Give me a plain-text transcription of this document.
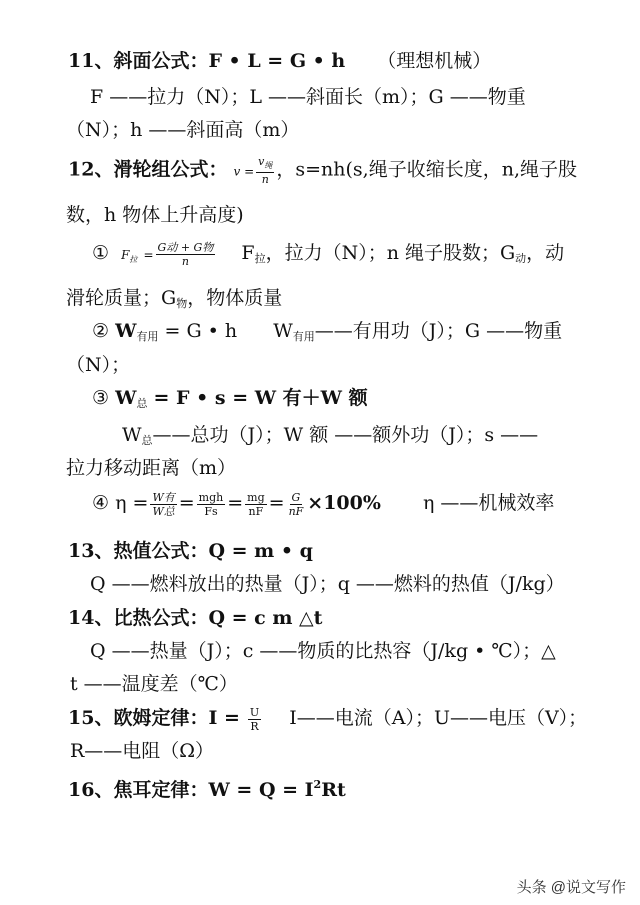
11、斜面公式：F • L = G • h （理想机械）
F ——拉力（N）；L ——斜面长（m）；G ——物重
（N）；h ——斜面高（m）
12、滑轮组公式： $v = \frac{v_绳}{n}$ ，s=nh(s,绳子收缩长度，n,绳子股
数，h 物体上升高度)
① $F_拉 = \frac{\text{G动 + G物}}{n} F_拉$，拉力（N）；n 绳子股数；$G_动$，动
滑轮质量；$G_物$，物体质量
② $W_{有用} = G$ • h $W_{有用}——$有用功（J）；G ——物重
（N）；
③ $W_总 = F$ • s = W 有＋W 额
$W_总——$总功（J）；W 额 ——额外功（J）；s ——
拉力移动距离（m）
④ $\eta = \frac{\text{W有}}{\text{W总}} = \frac{\text{mgh}}{Fs} = \frac{mg}{nF} = \frac{G}{nF} \times 100\%$ η ——机械效率
13、热值公式：Q = m • q
Q ——燃料放出的热量（J）；q ——燃料的热值（J/kg）
14、比热公式：Q = c m △t
Q ——热量（J）；c ——物质的比热容（J/kg • ℃）；△
t ——温度差（℃）
15、欧姆定律：$I = \frac{U}{R}$ I——电流（A）；U——电压（V）；
R——电阻（Ω）
16、焦耳定律：$W = Q = I^2Rt$
头条 @说文写作
